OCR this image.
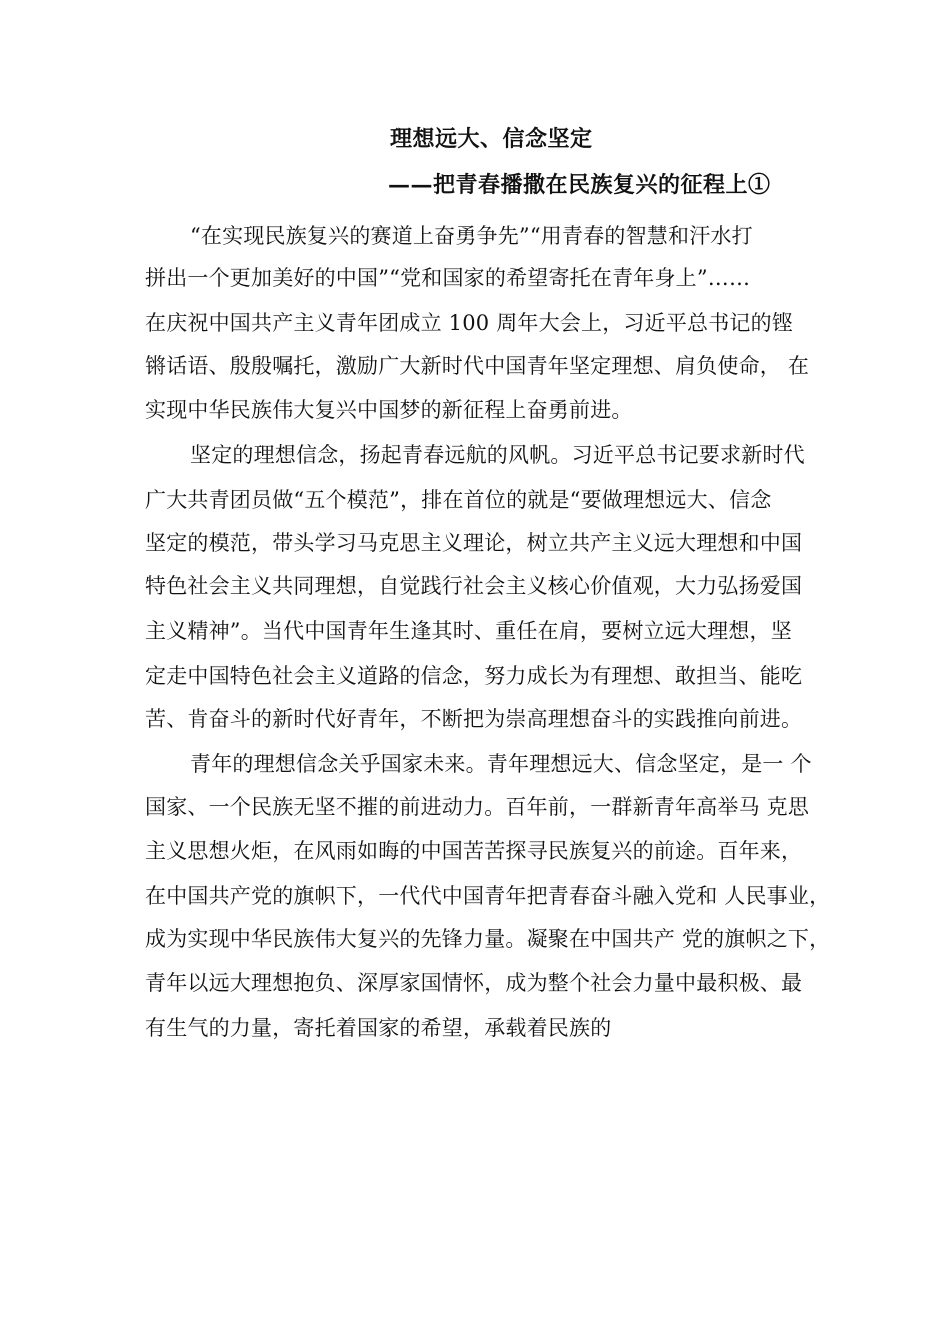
理想远大、信念坚定
——把青春播撒在民族复兴的征程上①
“在实现民族复兴的赛道上奋勇争先”“用青春的智慧和汗水打
拼出一个更加美好的中国”“党和国家的希望寄托在青年身上”……
在庆祝中国共产主义青年团成立 100 周年大会上，习近平总书记的铿
锵话语、殷殷嘱托，激励广大新时代中国青年坚定理想、肩负使命， 在
实现中华民族伟大复兴中国梦的新征程上奋勇前进。
坚定的理想信念，扬起青春远航的风帆。习近平总书记要求新时代
广大共青团员做“五个模范”，排在首位的就是“要做理想远大、信念
坚定的模范，带头学习马克思主义理论，树立共产主义远大理想和中国
特色社会主义共同理想，自觉践行社会主义核心价值观，大力弘扬爱国
主义精神”。当代中国青年生逢其时、重任在肩，要树立远大理想，坚
定走中国特色社会主义道路的信念，努力成长为有理想、敢担当、能吃
苦、肯奋斗的新时代好青年，不断把为崇高理想奋斗的实践推向前进。
青年的理想信念关乎国家未来。青年理想远大、信念坚定，是一 个
国家、一个民族无坚不摧的前进动力。百年前，一群新青年高举马 克思
主义思想火炬，在风雨如晦的中国苦苦探寻民族复兴的前途。百年来，
在中国共产党的旗帜下，一代代中国青年把青春奋斗融入党和 人民事业，
成为实现中华民族伟大复兴的先锋力量。凝聚在中国共产 党的旗帜之下，
青年以远大理想抱负、深厚家国情怀，成为整个社会力量中最积极、最
有生气的力量，寄托着国家的希望，承载着民族的
